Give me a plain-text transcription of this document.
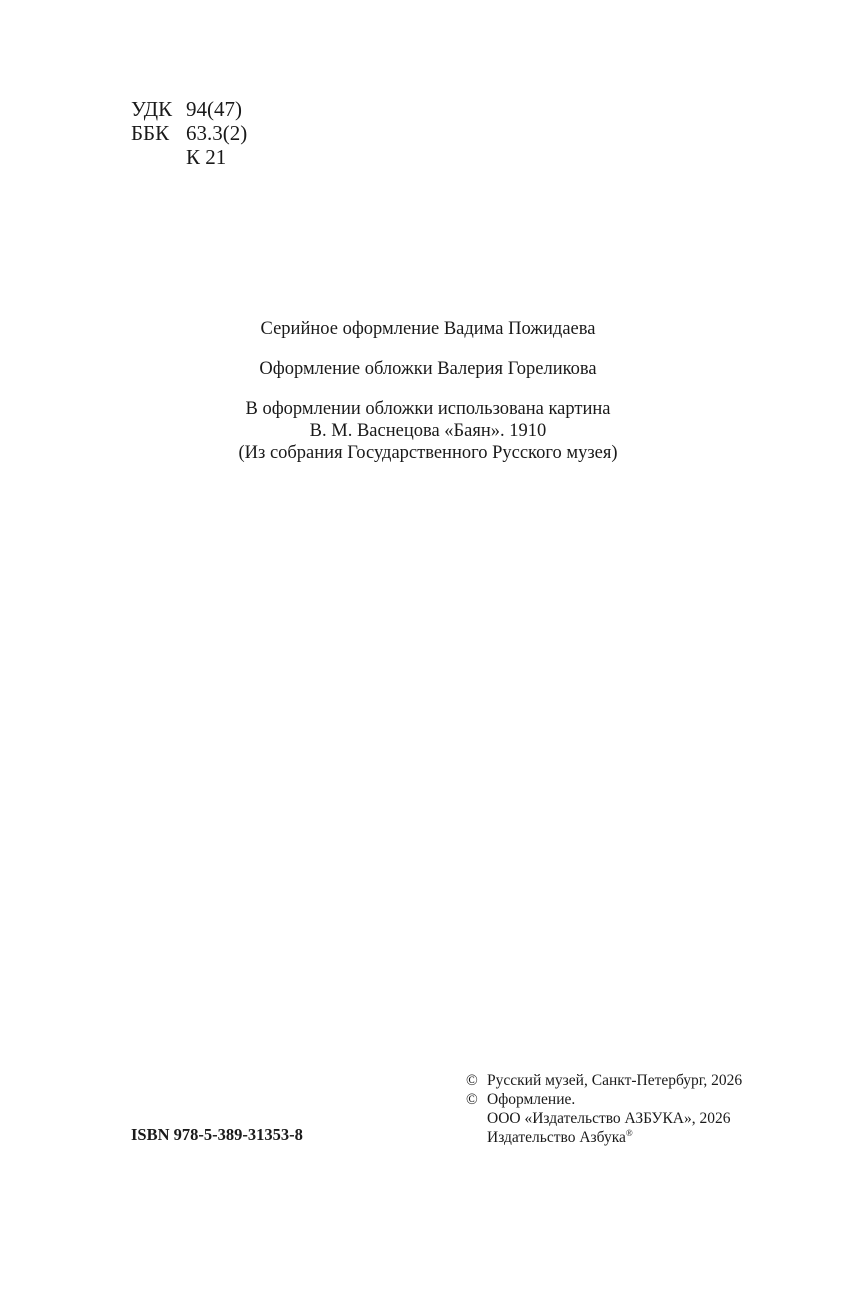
УДК 94(47)
ББК 63.3(2)
К 21
Серийное оформление Вадима Пожидаева
Оформление обложки Валерия Гореликова
В оформлении обложки использована картина
В. М. Васнецова «Баян». 1910
(Из собрания Государственного Русского музея)
© Русский музей, Санкт-Петербург, 2026
© Оформление.
ООО «Издательство АЗБУКА», 2026
Издательство Азбука®
ISBN 978-5-389-31353-8
